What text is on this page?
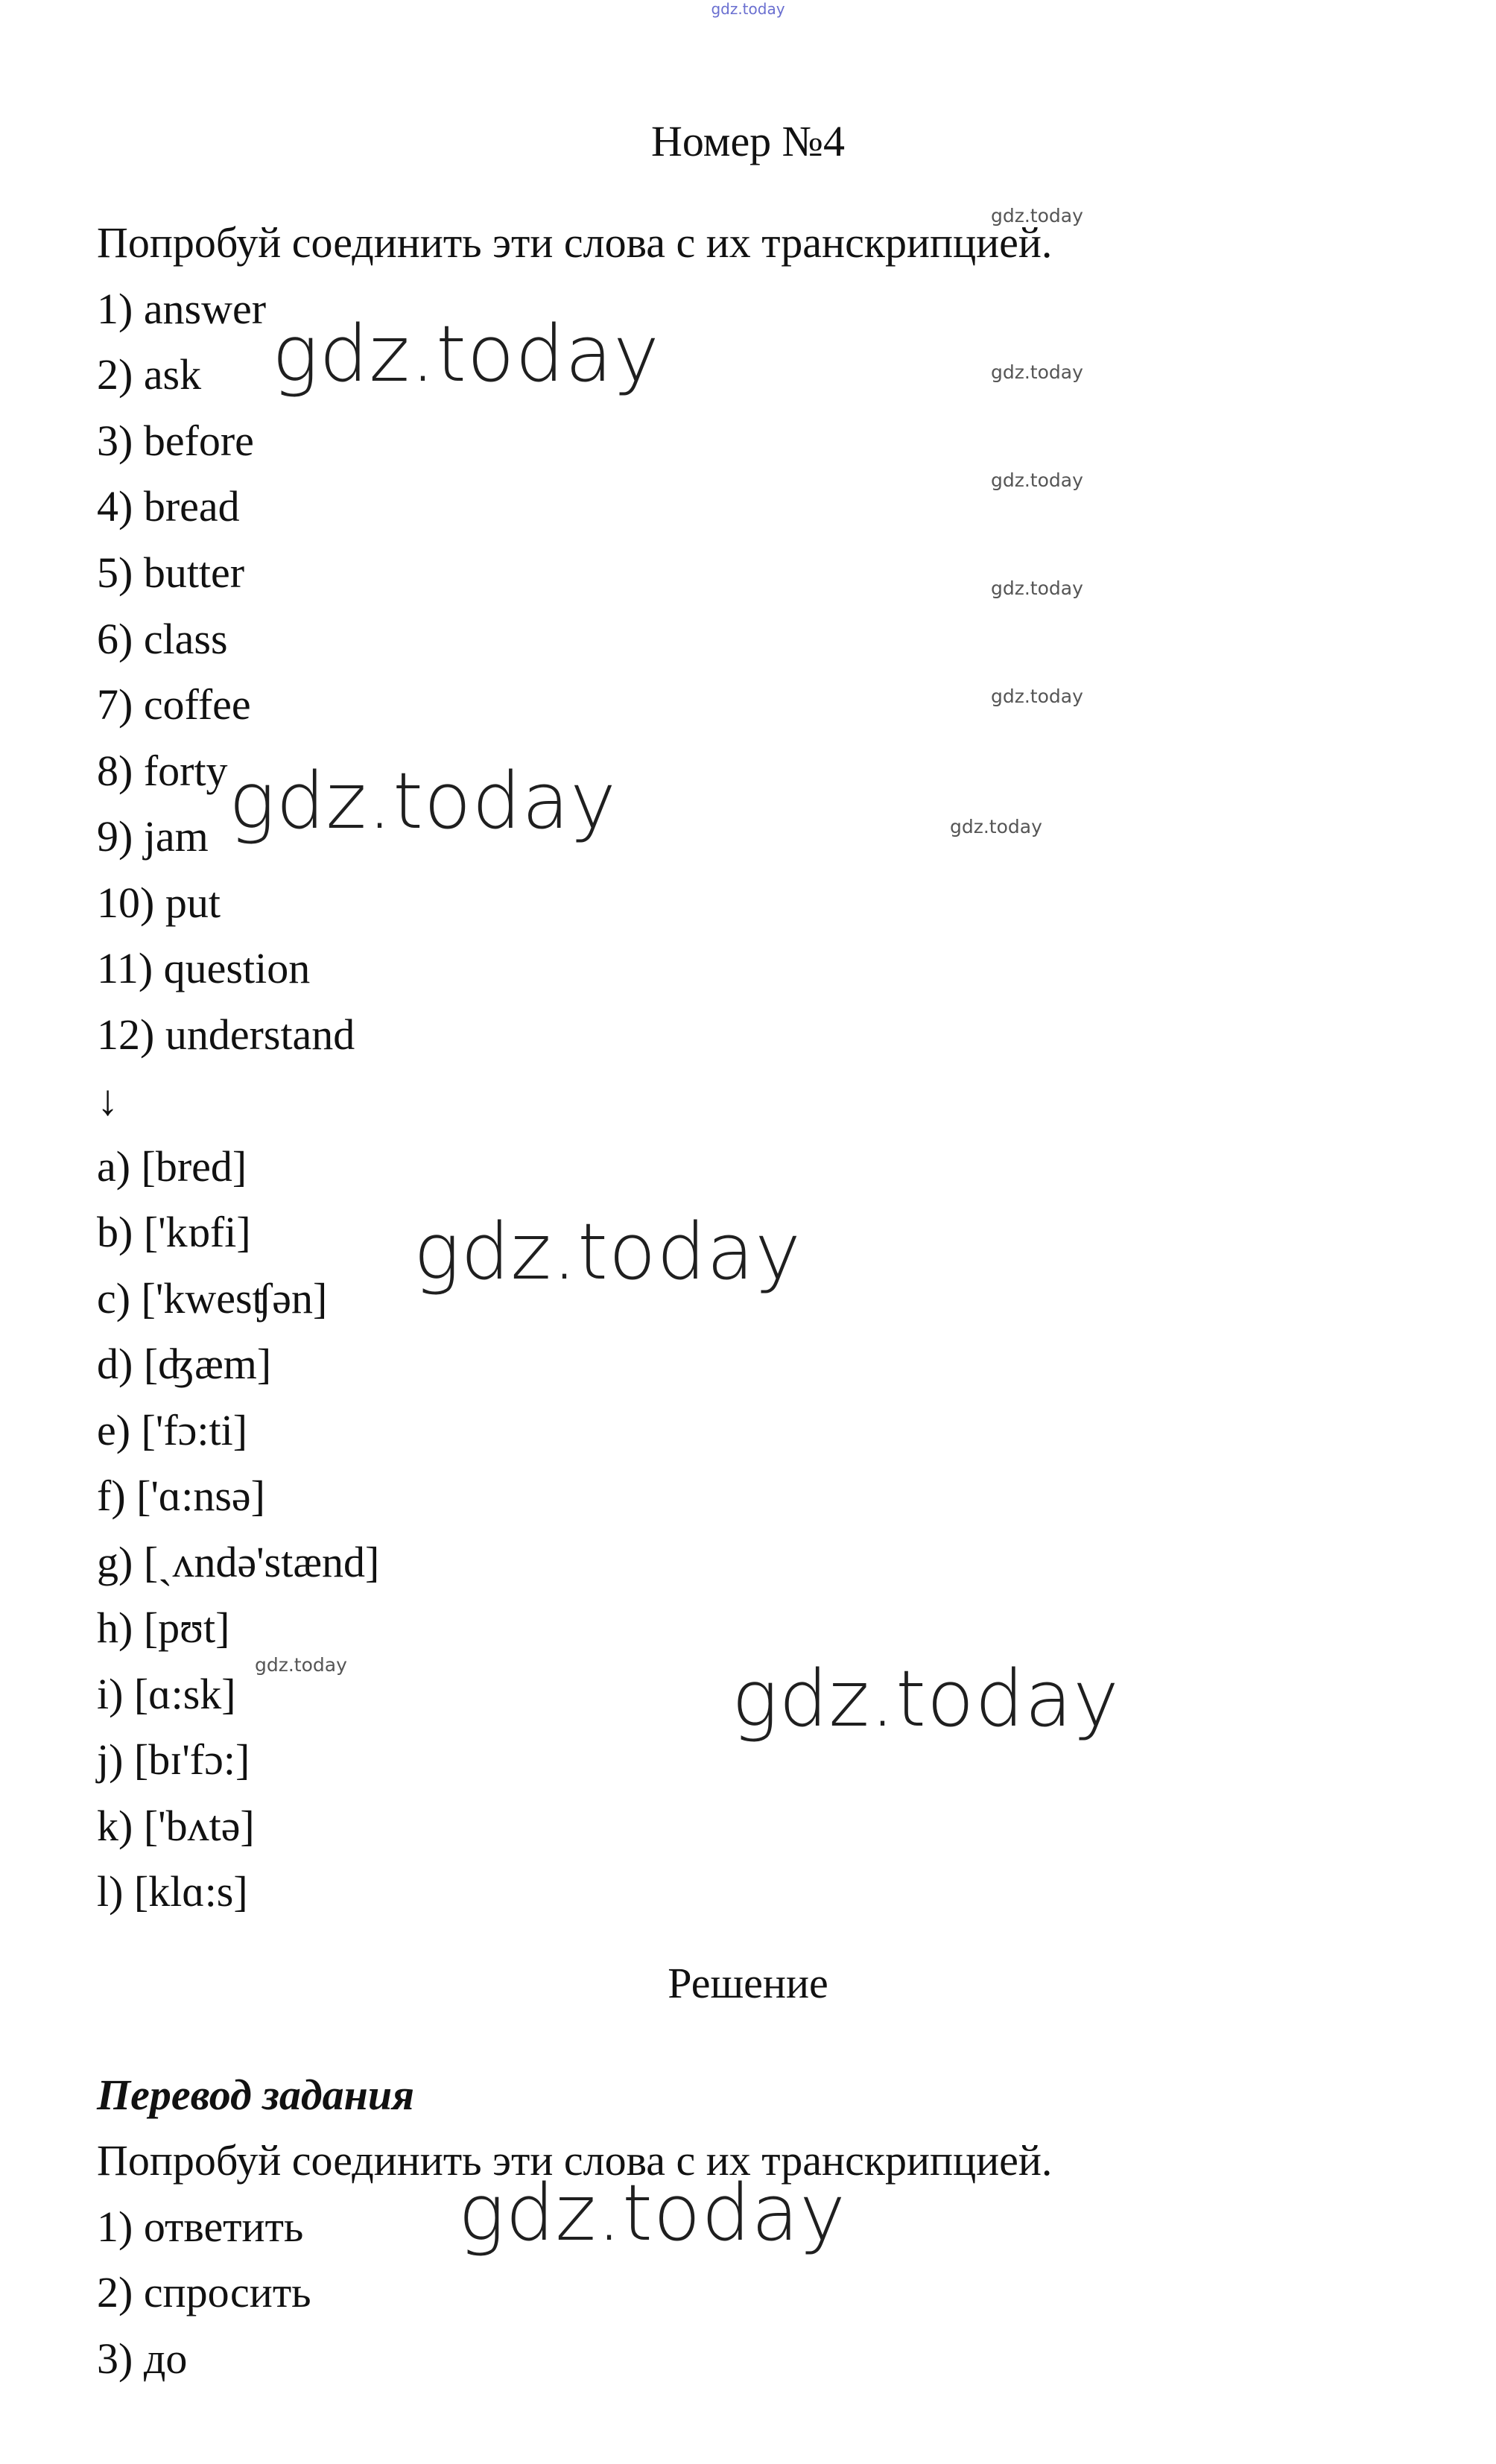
gdz.today
Номер №4
Попробуй соединить эти слова с их транскрипцией.
1) answer
2) ask
3) before
4) bread
5) butter
6) class
7) coffee
8) forty
9) jam
10) put
11) question
12) understand
↓
a) [bred]
b) ['kɒfi]
c) ['kwesʧən]
d) [ʤæm]
e) ['fɔ:ti]
f) ['ɑ:nsə]
g) [ˏʌndə'stænd]
h) [pʊt]
i) [ɑ:sk]
j) [bɪ'fɔ:]
k) ['bʌtə]
l) [klɑ:s]
Решение
Перевод задания
Попробуй соединить эти слова с их транскрипцией.
1) ответить
2) спросить
3) до
gdz.today
gdz.today
gdz.today
gdz.today
gdz.today
gdz.today
gdz.today
gdz.today
gdz.today
gdz.today
gdz.today
gdz.today
